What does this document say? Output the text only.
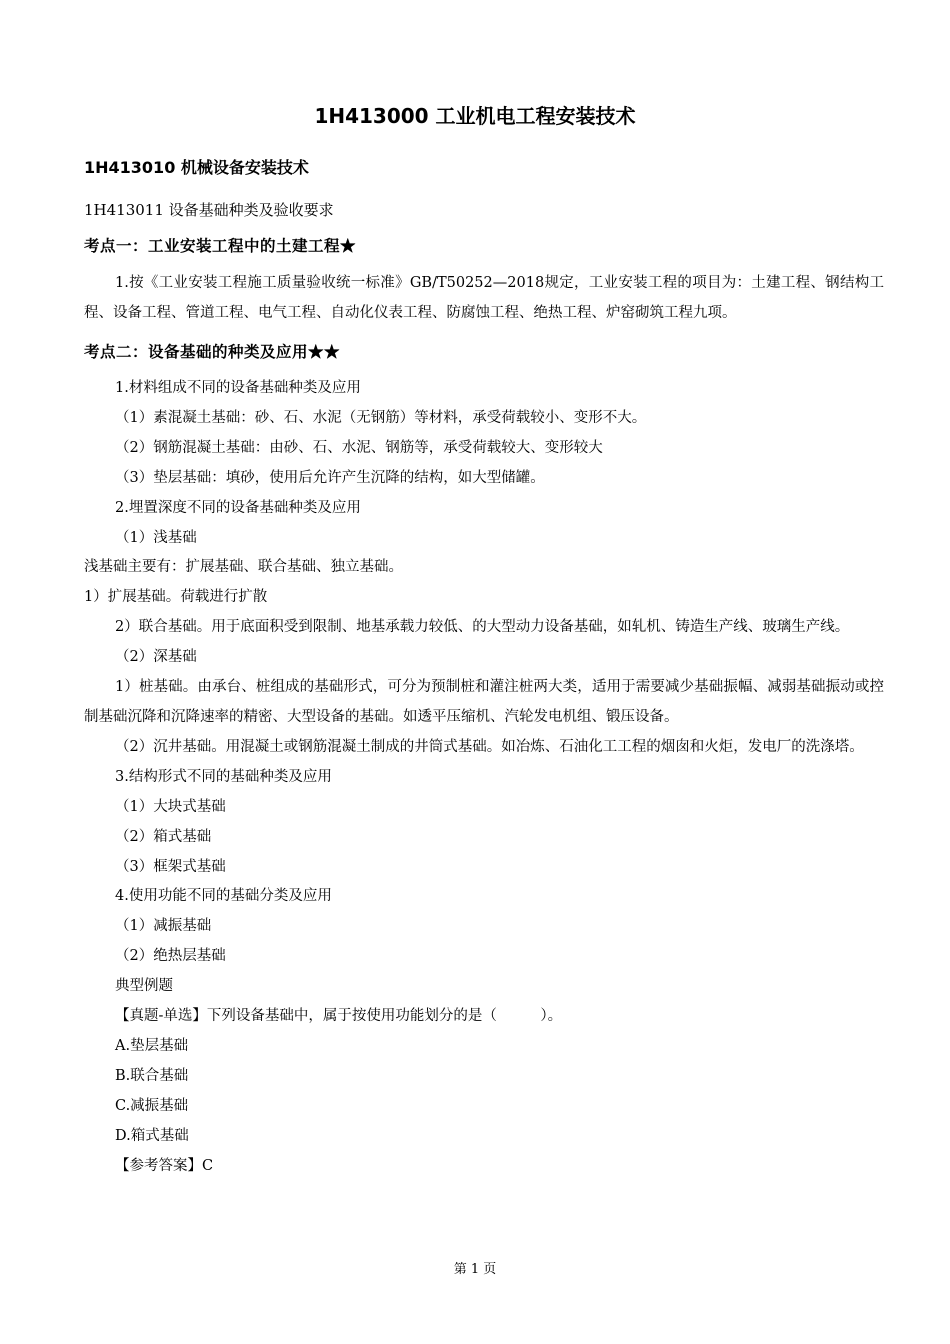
1H413000 工业机电工程安装技术
1H413010 机械设备安装技术
1H413011 设备基础种类及验收要求
考点一：工业安装工程中的土建工程★

1.按《工业安装工程施工质量验收统一标准》GB/T50252—2018规定，工业安装工程的项目为：土建工程、钢结构工程、设备工程、管道工程、电气工程、自动化仪表工程、防腐蚀工程、绝热工程、炉窑砌筑工程九项。

考点二：设备基础的种类及应用★★

1.材料组成不同的设备基础种类及应用

（1）素混凝土基础：砂、石、水泥（无钢筋）等材料，承受荷载较小、变形不大。

（2）钢筋混凝土基础：由砂、石、水泥、钢筋等，承受荷载较大、变形较大

（3）垫层基础：填砂，使用后允许产生沉降的结构，如大型储罐。

2.埋置深度不同的设备基础种类及应用

（1）浅基础

浅基础主要有：扩展基础、联合基础、独立基础。

1）扩展基础。荷载进行扩散

2）联合基础。用于底面积受到限制、地基承载力较低、的大型动力设备基础，如轧机、铸造生产线、玻璃生产线。

（2）深基础

1）桩基础。由承台、桩组成的基础形式，可分为预制桩和灌注桩两大类，适用于需要减少基础振幅、减弱基础振动或控制基础沉降和沉降速率的精密、大型设备的基础。如透平压缩机、汽轮发电机组、锻压设备。

（2）沉井基础。用混凝土或钢筋混凝土制成的井筒式基础。如冶炼、石油化工工程的烟囱和火炬，发电厂的洗涤塔。

3.结构形式不同的基础种类及应用

（1）大块式基础

（2）箱式基础

（3）框架式基础

4.使用功能不同的基础分类及应用

（1）减振基础

（2）绝热层基础

典型例题

【真题-单选】下列设备基础中，属于按使用功能划分的是（　　　）。

A.垫层基础

B.联合基础

C.减振基础

D.箱式基础

【参考答案】C

第 1 页
